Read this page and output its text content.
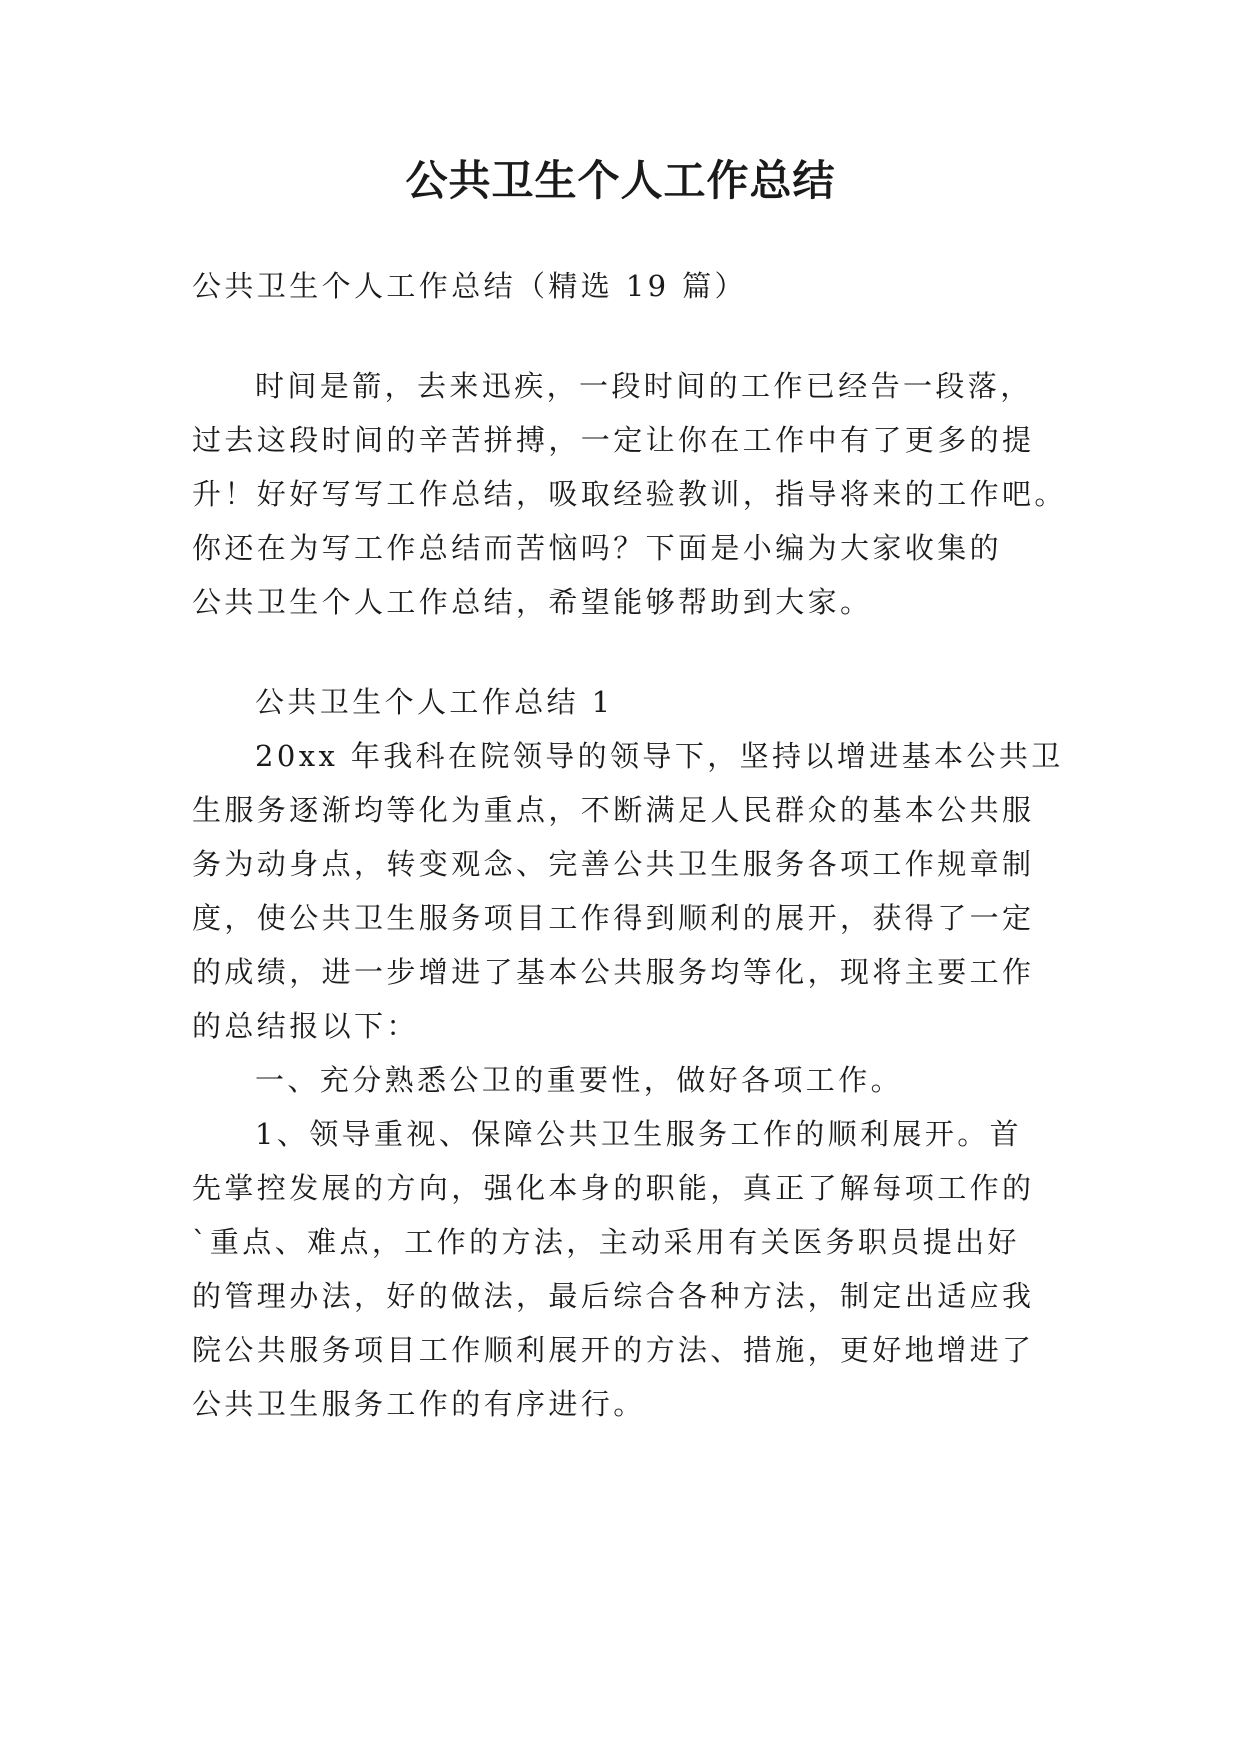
公共卫生个人工作总结

公共卫生个人工作总结（精选 19 篇）

时间是箭，去来迅疾，一段时间的工作已经告一段落，

过去这段时间的辛苦拼搏，一定让你在工作中有了更多的提

升！好好写写工作总结，吸取经验教训，指导将来的工作吧。

你还在为写工作总结而苦恼吗？下面是小编为大家收集的

公共卫生个人工作总结，希望能够帮助到大家。

公共卫生个人工作总结 1

20xx 年我科在院领导的领导下，坚持以增进基本公共卫

生服务逐渐均等化为重点，不断满足人民群众的基本公共服

务为动身点，转变观念、完善公共卫生服务各项工作规章制

度，使公共卫生服务项目工作得到顺利的展开，获得了一定

的成绩，进一步增进了基本公共服务均等化，现将主要工作

的总结报以下：

一、充分熟悉公卫的重要性，做好各项工作。

1、领导重视、保障公共卫生服务工作的顺利展开。首

先掌控发展的方向，强化本身的职能，真正了解每项工作的

`重点、难点，工作的方法，主动采用有关医务职员提出好

的管理办法，好的做法，最后综合各种方法，制定出适应我

院公共服务项目工作顺利展开的方法、措施，更好地增进了

公共卫生服务工作的有序进行。
